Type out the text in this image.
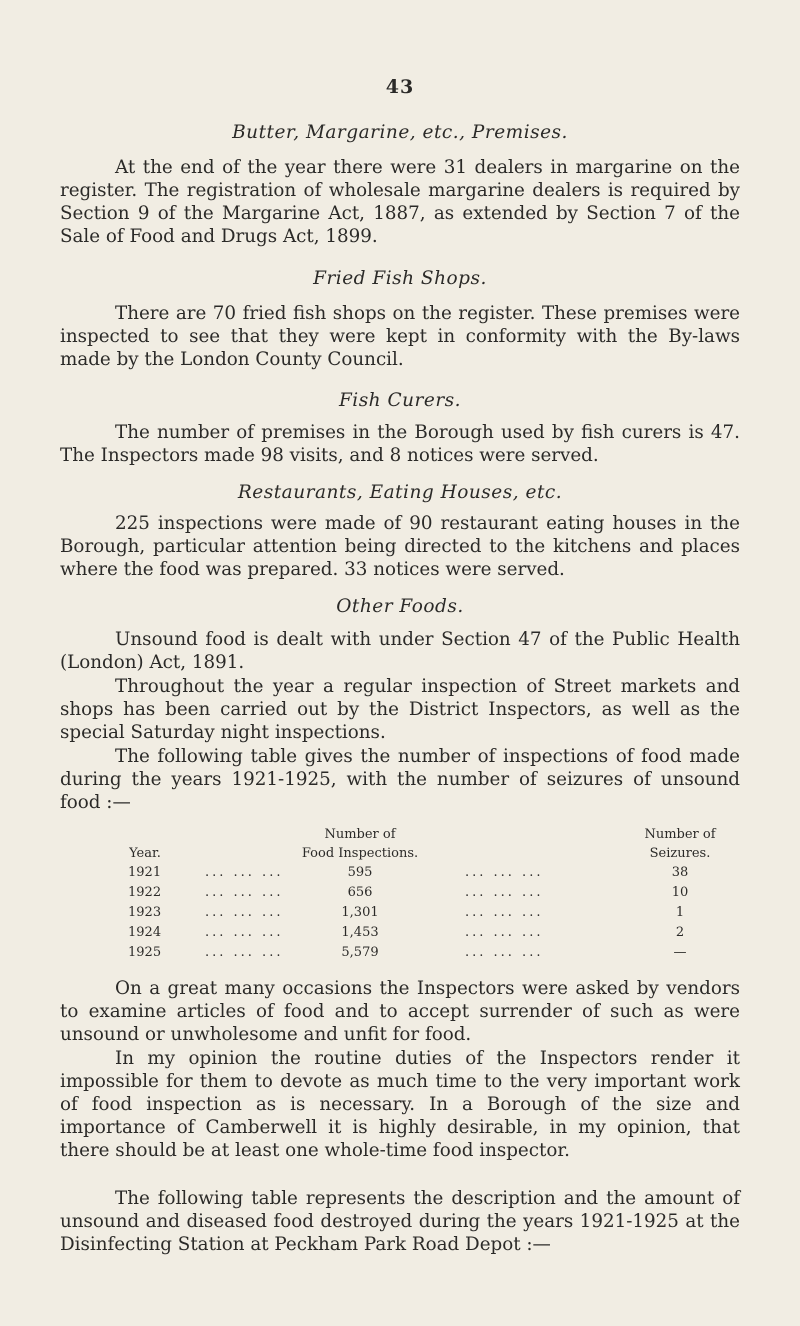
43
Butter, Margarine, etc., Premises.

At the end of the year there were 31 dealers in margarine on the register. The registration of wholesale margarine dealers is required by Section 9 of the Margarine Act, 1887, as extended by Section 7 of the Sale of Food and Drugs Act, 1899.

Fried Fish Shops.

There are 70 fried fish shops on the register. These premises were inspected to see that they were kept in conformity with the By-laws made by the London County Council.

Fish Curers.

The number of premises in the Borough used by fish curers is 47. The Inspectors made 98 visits, and 8 notices were served.

Restaurants, Eating Houses, etc.

225 inspections were made of 90 restaurant eating houses in the Borough, particular attention being directed to the kitchens and places where the food was prepared. 33 notices were served.

Other Foods.

Unsound food is dealt with under Section 47 of the Public Health (London) Act, 1891.

Throughout the year a regular inspection of Street markets and shops has been carried out by the District Inspectors, as well as the special Saturday night inspections.

The following table gives the number of inspections of food made during the years 1921-1925, with the number of seizures of unsound food :—

Number of	Number of
Year.	Food Inspections.	Seizures.
1921	... ... ...	595	... ... ...	38
1922	... ... ...	656	... ... ...	10
1923	... ... ...	1,301	... ... ...	1
1924	... ... ...	1,453	... ... ...	2
1925	... ... ...	5,579	... ... ...	—

On a great many occasions the Inspectors were asked by vendors to examine articles of food and to accept surrender of such as were unsound or unwholesome and unfit for food.

In my opinion the routine duties of the Inspectors render it impossible for them to devote as much time to the very important work of food inspection as is necessary. In a Borough of the size and importance of Camberwell it is highly desirable, in my opinion, that there should be at least one whole-time food inspector.

The following table represents the description and the amount of unsound and diseased food destroyed during the years 1921-1925 at the Disinfecting Station at Peckham Park Road Depot :—
